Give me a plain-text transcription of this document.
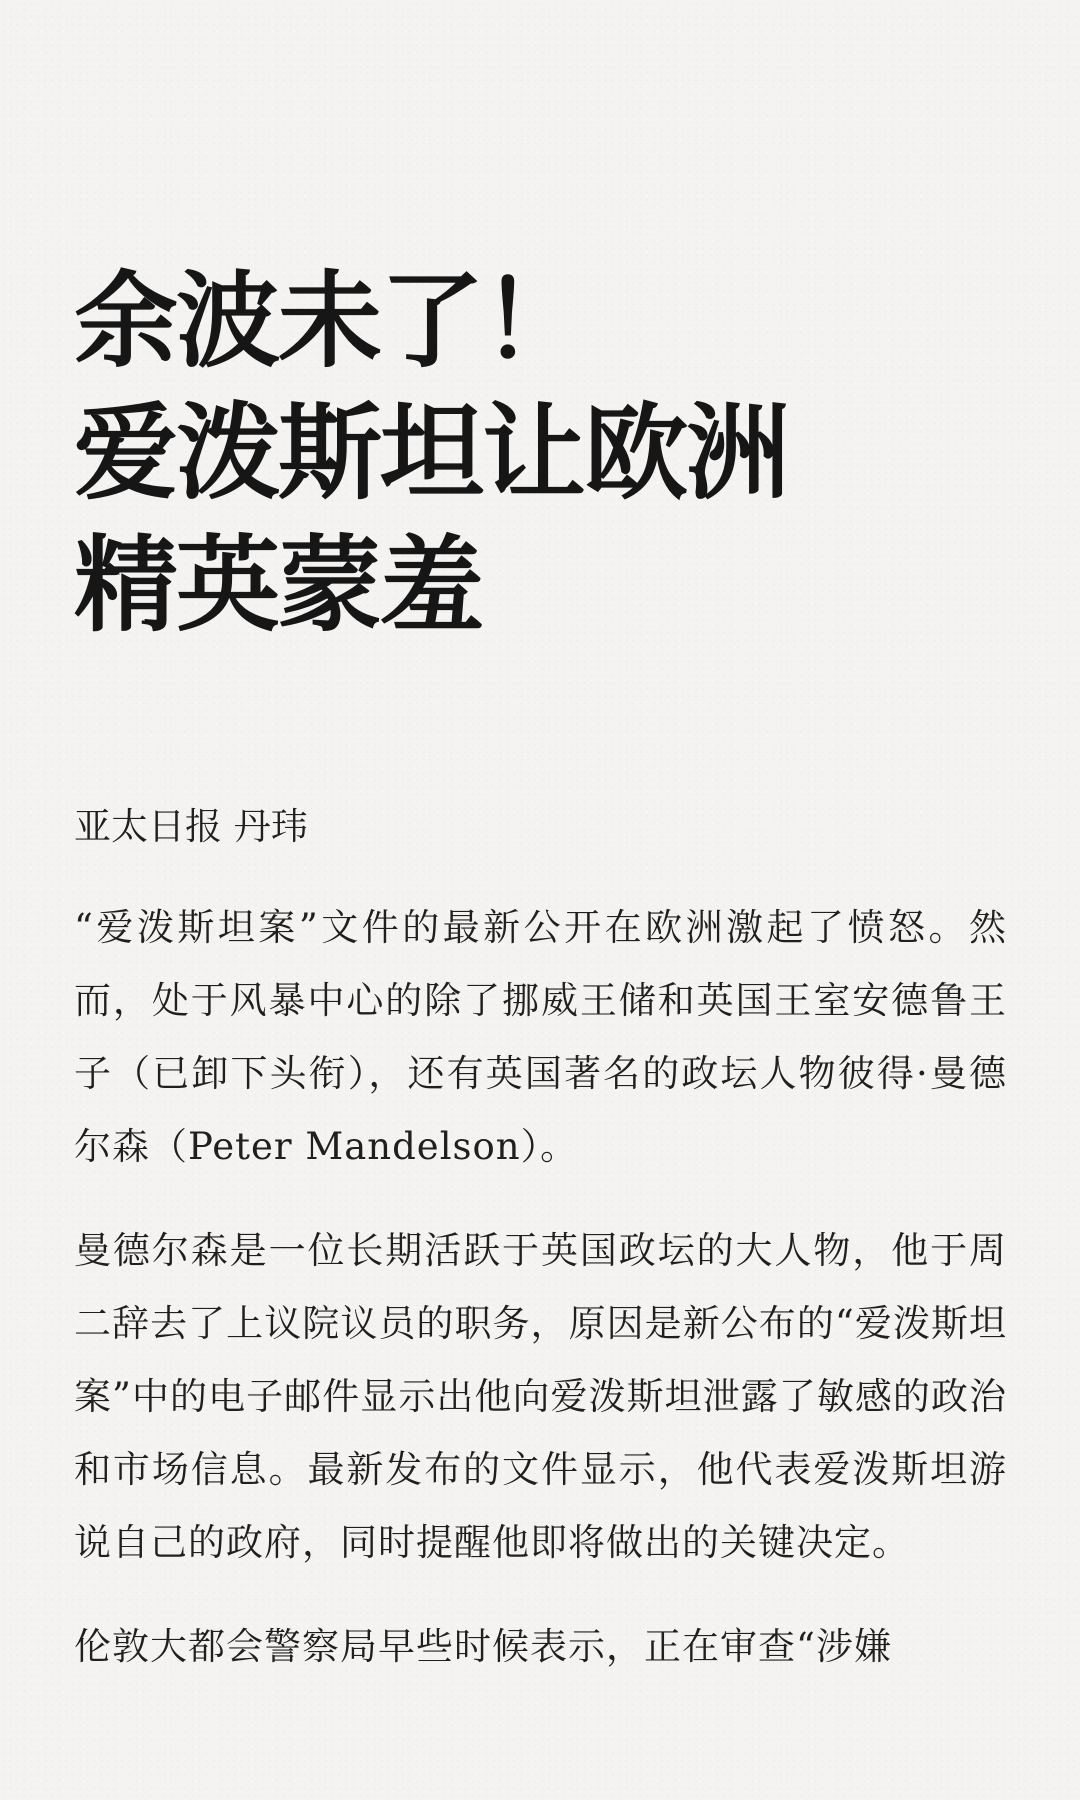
余波未了！
爱泼斯坦让欧洲
精英蒙羞
亚太日报 丹玮

“爱泼斯坦案”文件的最新公开在欧洲激起了愤怒。然而，处于风暴中心的除了挪威王储和英国王室安德鲁王子（已卸下头衔），还有英国著名的政坛人物彼得·曼德尔森（Peter Mandelson）。

曼德尔森是一位长期活跃于英国政坛的大人物，他于周二辞去了上议院议员的职务，原因是新公布的“爱泼斯坦案”中的电子邮件显示出他向爱泼斯坦泄露了敏感的政治和市场信息。最新发布的文件显示，他代表爱泼斯坦游说自己的政府，同时提醒他即将做出的关键决定。

伦敦大都会警察局早些时候表示，正在审查“涉嫌
